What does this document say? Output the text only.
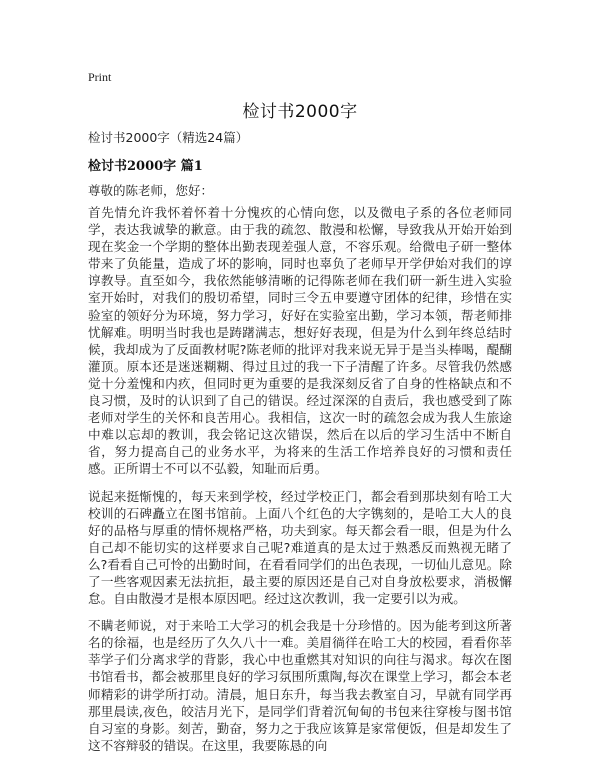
Print
检讨书2000字
检讨书2000字（精选24篇）
检讨书2000字 篇1
尊敬的陈老师，您好：

首先情允许我怀着怀着十分愧疚的心情向您，以及微电子系的各位老师同学，表达我诚挚的歉意。由于我的疏忽、散漫和松懈，导致我从开始开始到现在奖金一个学期的整体出勤表现差强人意，不容乐观。给微电子研一整体带来了负能量，造成了坏的影响，同时也辜负了老师早开学伊始对我们的谆谆教导。直至如今，我依然能够清晰的记得陈老师在我们研一新生进入实验室开始时，对我们的殷切希望，同时三令五申要遵守团体的纪律，珍惜在实验室的领好分为环境，努力学习，好好在实验室出勤，学习本领，帮老师排忧解难。明明当时我也是踌躇满志，想好好表现，但是为什么到年终总结时候，我却成为了反面教材呢?陈老师的批评对我来说无异于是当头棒喝，醍醐灌顶。原本还是迷迷糊糊、得过且过的我一下子清醒了许多。尽管我仍然感觉十分羞愧和内疚，但同时更为重要的是我深刻反省了自身的性格缺点和不良习惯，及时的认识到了自己的错误。经过深深的自责后，我也感受到了陈老师对学生的关怀和良苦用心。我相信，这次一时的疏忽会成为我人生旅途中难以忘却的教训，我会铭记这次错误，然后在以后的学习生活中不断自省，努力提高自己的业务水平，为将来的生活工作培养良好的习惯和责任感。正所谓士不可以不弘毅，知耻而后勇。

说起来挺惭愧的，每天来到学校，经过学校正门，都会看到那块刻有哈工大校训的石碑矗立在图书馆前。上面八个红色的大字镌刻的，是哈工大人的良好的品格与厚重的情怀规格严格，功夫到家。每天都会看一眼，但是为什么自己却不能切实的这样要求自己呢?难道真的是太过于熟悉反而熟视无睹了么?看看自己可怜的出勤时间，在看看同学们的出色表现，一切仙儿意见。除了一些客观因素无法抗拒，最主要的原因还是自己对自身放松要求，消极懈怠。自由散漫才是根本原因吧。经过这次教训，我一定要引以为戒。

不瞒老师说，对于来哈工大学习的机会我是十分珍惜的。因为能考到这所著名的徐福，也是经历了久久八十一难。美眉徜徉在哈工大的校园，看看你莘莘学子们分离求学的背影，我心中也重燃其对知识的向往与渴求。每次在图书馆看书，都会被那里良好的学习氛围所熏陶,每次在课堂上学习，都会本老师精彩的讲学所打动。清晨，旭日东升，每当我去教室自习，早就有同学再那里晨读,夜色，皎洁月光下，是同学们背着沉甸甸的书包来往穿梭与图书馆自习室的身影。刻苦，勤奋，努力之于我应该算是家常便饭，但是却发生了这不容辩驳的错误。在这里，我要陈恳的向
